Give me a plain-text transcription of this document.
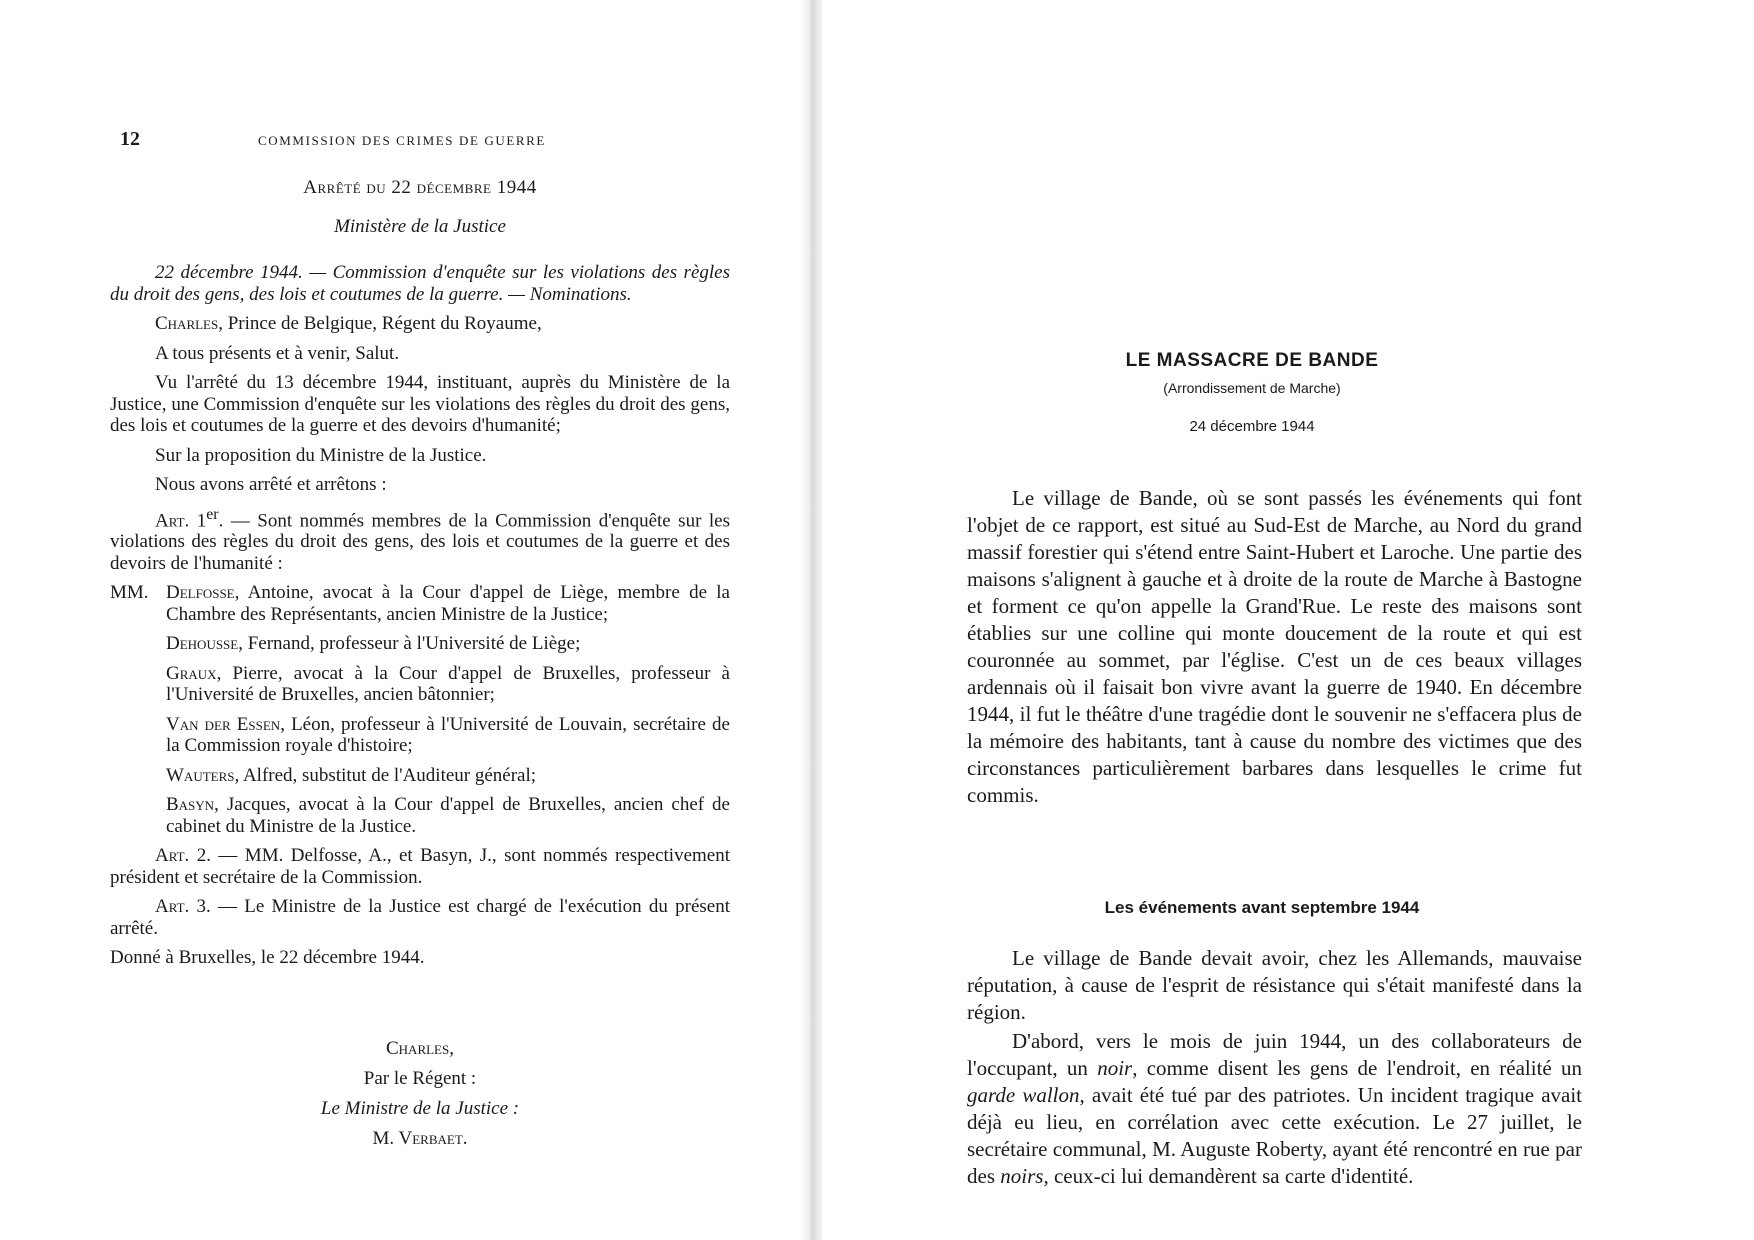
12	COMMISSION DES CRIMES DE GUERRE
Arrêté du 22 décembre 1944
Ministère de la Justice

22 décembre 1944. — Commission d'enquête sur les violations des règles du droit des gens, des lois et coutumes de la guerre. — Nominations.

Charles, Prince de Belgique, Régent du Royaume,

A tous présents et à venir, Salut.

Vu l'arrêté du 13 décembre 1944, instituant, auprès du Ministère de la Justice, une Commission d'enquête sur les violations des règles du droit des gens, des lois et coutumes de la guerre et des devoirs d'humanité;

Sur la proposition du Ministre de la Justice.

Nous avons arrêté et arrêtons :

Art. 1er. — Sont nommés membres de la Commission d'enquête sur les violations des règles du droit des gens, des lois et coutumes de la guerre et des devoirs de l'humanité :

MM. Delfosse, Antoine, avocat à la Cour d'appel de Liège, membre de la Chambre des Représentants, ancien Ministre de la Justice;

Dehousse, Fernand, professeur à l'Université de Liège;

Graux, Pierre, avocat à la Cour d'appel de Bruxelles, professeur à l'Université de Bruxelles, ancien bâtonnier;

Van der Essen, Léon, professeur à l'Université de Louvain, secrétaire de la Commission royale d'histoire;

Wauters, Alfred, substitut de l'Auditeur général;

Basyn, Jacques, avocat à la Cour d'appel de Bruxelles, ancien chef de cabinet du Ministre de la Justice.

Art. 2. — MM. Delfosse, A., et Basyn, J., sont nommés respectivement président et secrétaire de la Commission.

Art. 3. — Le Ministre de la Justice est chargé de l'exécution du présent arrêté.

Donné à Bruxelles, le 22 décembre 1944.

Charles,
Par le Régent :
Le Ministre de la Justice :
M. Verbaet.
LE MASSACRE DE BANDE
(Arrondissement de Marche)
24 décembre 1944

Le village de Bande, où se sont passés les événements qui font l'objet de ce rapport, est situé au Sud-Est de Marche, au Nord du grand massif forestier qui s'étend entre Saint-Hubert et Laroche. Une partie des maisons s'alignent à gauche et à droite de la route de Marche à Bastogne et forment ce qu'on appelle la Grand'Rue. Le reste des maisons sont établies sur une colline qui monte doucement de la route et qui est couronnée au sommet, par l'église. C'est un de ces beaux villages ardennais où il faisait bon vivre avant la guerre de 1940. En décembre 1944, il fut le théâtre d'une tragédie dont le souvenir ne s'effacera plus de la mémoire des habitants, tant à cause du nombre des victimes que des circonstances particulièrement barbares dans lesquelles le crime fut commis.

Les événements avant septembre 1944

Le village de Bande devait avoir, chez les Allemands, mauvaise réputation, à cause de l'esprit de résistance qui s'était manifesté dans la région.

D'abord, vers le mois de juin 1944, un des collaborateurs de l'occupant, un noir, comme disent les gens de l'endroit, en réalité un garde wallon, avait été tué par des patriotes. Un incident tragique avait déjà eu lieu, en corrélation avec cette exécution. Le 27 juillet, le secrétaire communal, M. Auguste Roberty, ayant été rencontré en rue par des noirs, ceux-ci lui demandèrent sa carte d'identité.
